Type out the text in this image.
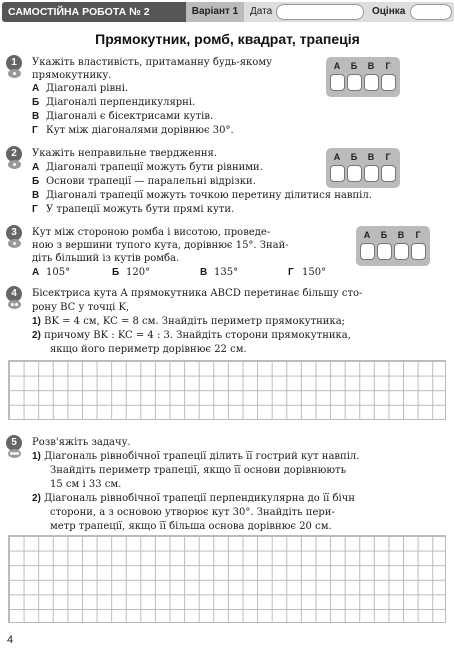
САМОСТІЙНА РОБОТА № 2	Варіант 1	Дата	Оцінка
Прямокутник, ромб, квадрат, трапеція
1	Укажіть властивість, притаманну будь-якому
прямокутнику.
А Діагоналі рівні.
Б Діагоналі перпендикулярні.
В Діагоналі є бісектрисами кутів.
Г Кут між діагоналями дорівнює 30°.
А	Б	В	Г
2	Укажіть неправильне твердження.
А Діагоналі трапеції можуть бути рівними.
Б Основи трапеції — паралельні відрізки.
В Діагоналі трапеції можуть точкою перетину ділитися навпіл.
Г У трапеції можуть бути прямі кути.
А	Б	В	Г
3	Кут між стороною ромба і висотою, проведе-
ною з вершини тупого кута, дорівнює 15°. Знай-
діть більший із кутів ромба.
А 105°	Б 120°	В 135°	Г 150°
А	Б	В	Г
4	Бісектриса кута A прямокутника ABCD перетинає більшу сто-
рону BC у точці K,
1) BK = 4 см, KC = 8 см. Знайдіть периметр прямокутника;
2) причому BK : KC = 4 : 3. Знайдіть сторони прямокутника,
якщо його периметр дорівнює 22 см.
5	Розв'яжіть задачу.
1) Діагональ рівнобічної трапеції ділить її гострий кут навпіл.
Знайдіть периметр трапеції, якщо її основи дорівнюють
15 см і 33 см.
2) Діагональ рівнобічної трапеції перпендикулярна до її бічн
сторони, а з основою утворює кут 30°. Знайдіть пери-
метр трапеції, якщо її більша основа дорівнює 20 см.
4
